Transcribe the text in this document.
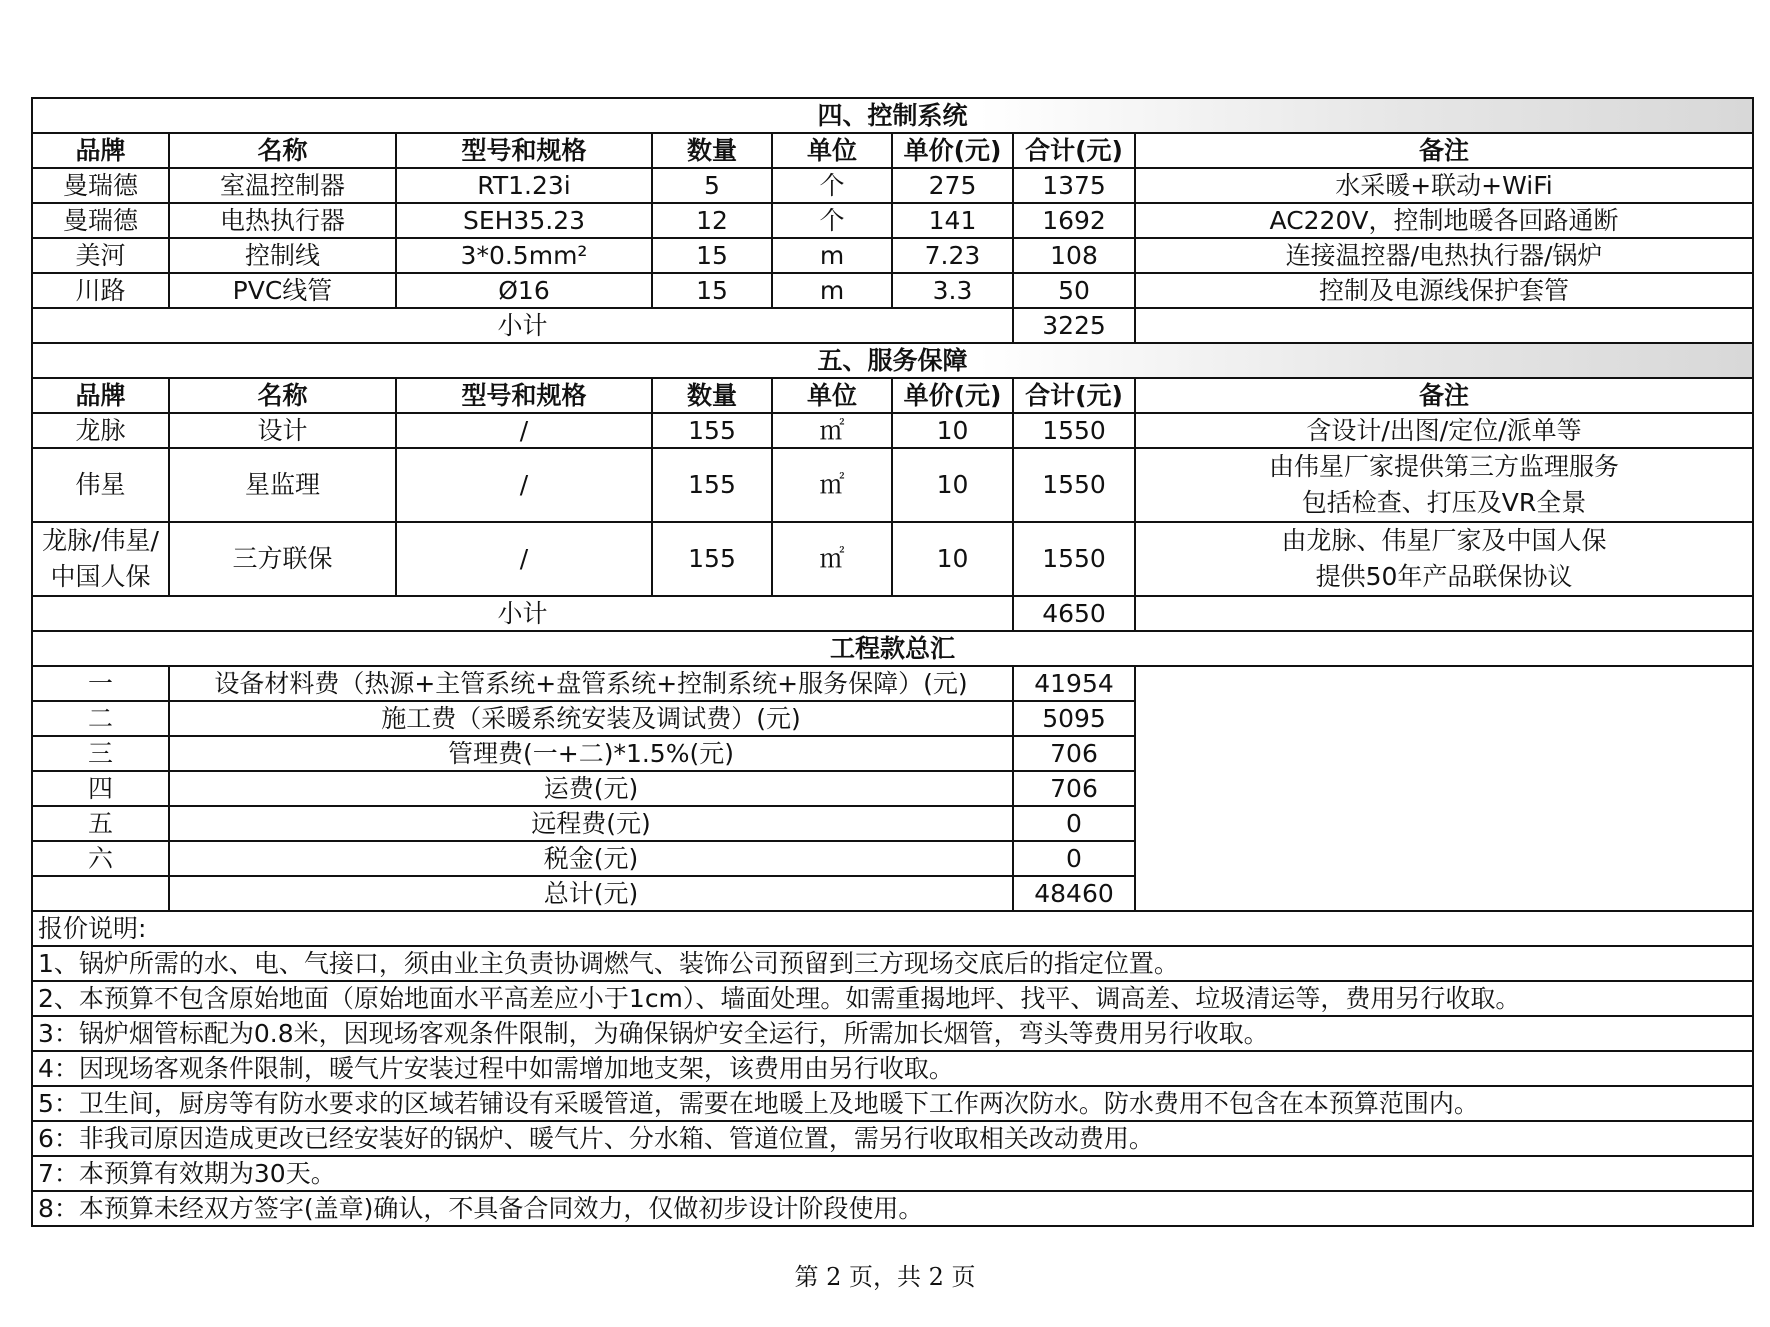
四、控制系统							
品牌	名称	型号和规格	数量	单位	单价(元)	合计(元)	备注
曼瑞德	室温控制器	RT1.23i	5	个	275	1375	水采暖+联动+WiFi
曼瑞德	电热执行器	SEH35.23	12	个	141	1692	AC220V，控制地暖各回路通断
美河	控制线	3*0.5mm²	15	m	7.23	108	连接温控器/电热执行器/锅炉
川路	PVC线管	Ø16	15	m	3.3	50	控制及电源线保护套管
小计						3225	
五、服务保障							
品牌	名称	型号和规格	数量	单位	单价(元)	合计(元)	备注
龙脉	设计	/	155	㎡	10	1550	含设计/出图/定位/派单等
伟星	星监理	/	155	㎡	10	1550	由伟星厂家提供第三方监理服务
包括检查、打压及VR全景

龙脉/伟星/中国人保	三方联保	/	155	㎡	10	1550	由龙脉、伟星厂家及中国人保
提供50年产品联保协议

小计						4650	
工程款总汇							
一	设备材料费（热源+主管系统+盘管系统+控制系统+服务保障）(元)					41954	
二	施工费（采暖系统安装及调试费）(元)					5095	
三	管理费(一+二)*1.5%(元)					706	
四	运费(元)					706	
五	远程费(元)					0	
六	税金(元)					0	
	总计(元)					48460	
报价说明:							
1、锅炉所需的水、电、气接口，须由业主负责协调燃气、装饰公司预留到三方现场交底后的指定位置。							
2、本预算不包含原始地面（原始地面水平高差应小于1cm）、墙面处理。如需重揭地坪、找平、调高差、垃圾清运等，费用另行收取。							
3：锅炉烟管标配为0.8米，因现场客观条件限制，为确保锅炉安全运行，所需加长烟管，弯头等费用另行收取。							
4：因现场客观条件限制，暖气片安装过程中如需增加地支架，该费用由另行收取。							
5：卫生间，厨房等有防水要求的区域若铺设有采暖管道，需要在地暖上及地暖下工作两次防水。防水费用不包含在本预算范围内。							
6：非我司原因造成更改已经安装好的锅炉、暖气片、分水箱、管道位置，需另行收取相关改动费用。							
7：本预算有效期为30天。							
8：本预算未经双方签字(盖章)确认，不具备合同效力，仅做初步设计阶段使用。							
第 2 页，共 2 页
